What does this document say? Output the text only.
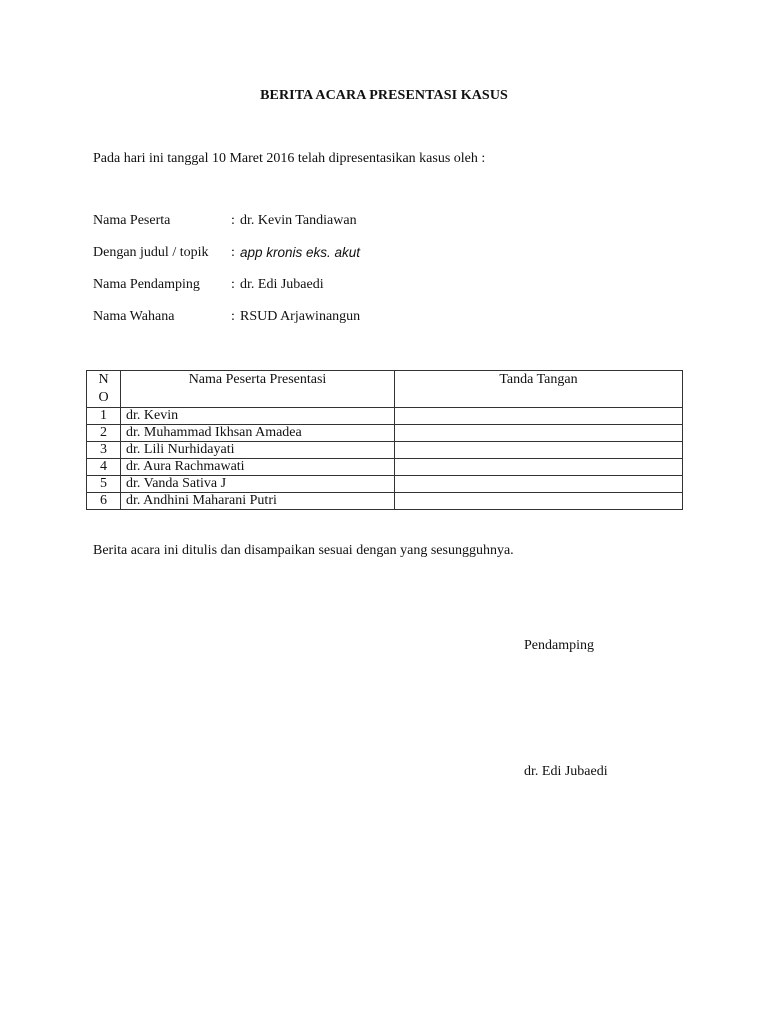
BERITA ACARA PRESENTASI KASUS
Pada hari ini tanggal 10 Maret 2016 telah dipresentasikan kasus oleh :
Nama Peserta	: dr. Kevin Tandiawan
Dengan judul / topik : app kronis eks. akut
Nama Pendamping : dr. Edi Jubaedi
Nama Wahana	: RSUD Arjawinangun
N
O	Nama Peserta Presentasi	Tanda Tangan
1	dr. Kevin	
2	dr. Muhammad Ikhsan Amadea	
3	dr. Lili Nurhidayati	
4	dr. Aura Rachmawati	
5	dr. Vanda Sativa J	
6	dr. Andhini Maharani Putri	
Berita acara ini ditulis dan disampaikan sesuai dengan yang sesungguhnya.
Pendamping
dr. Edi Jubaedi
